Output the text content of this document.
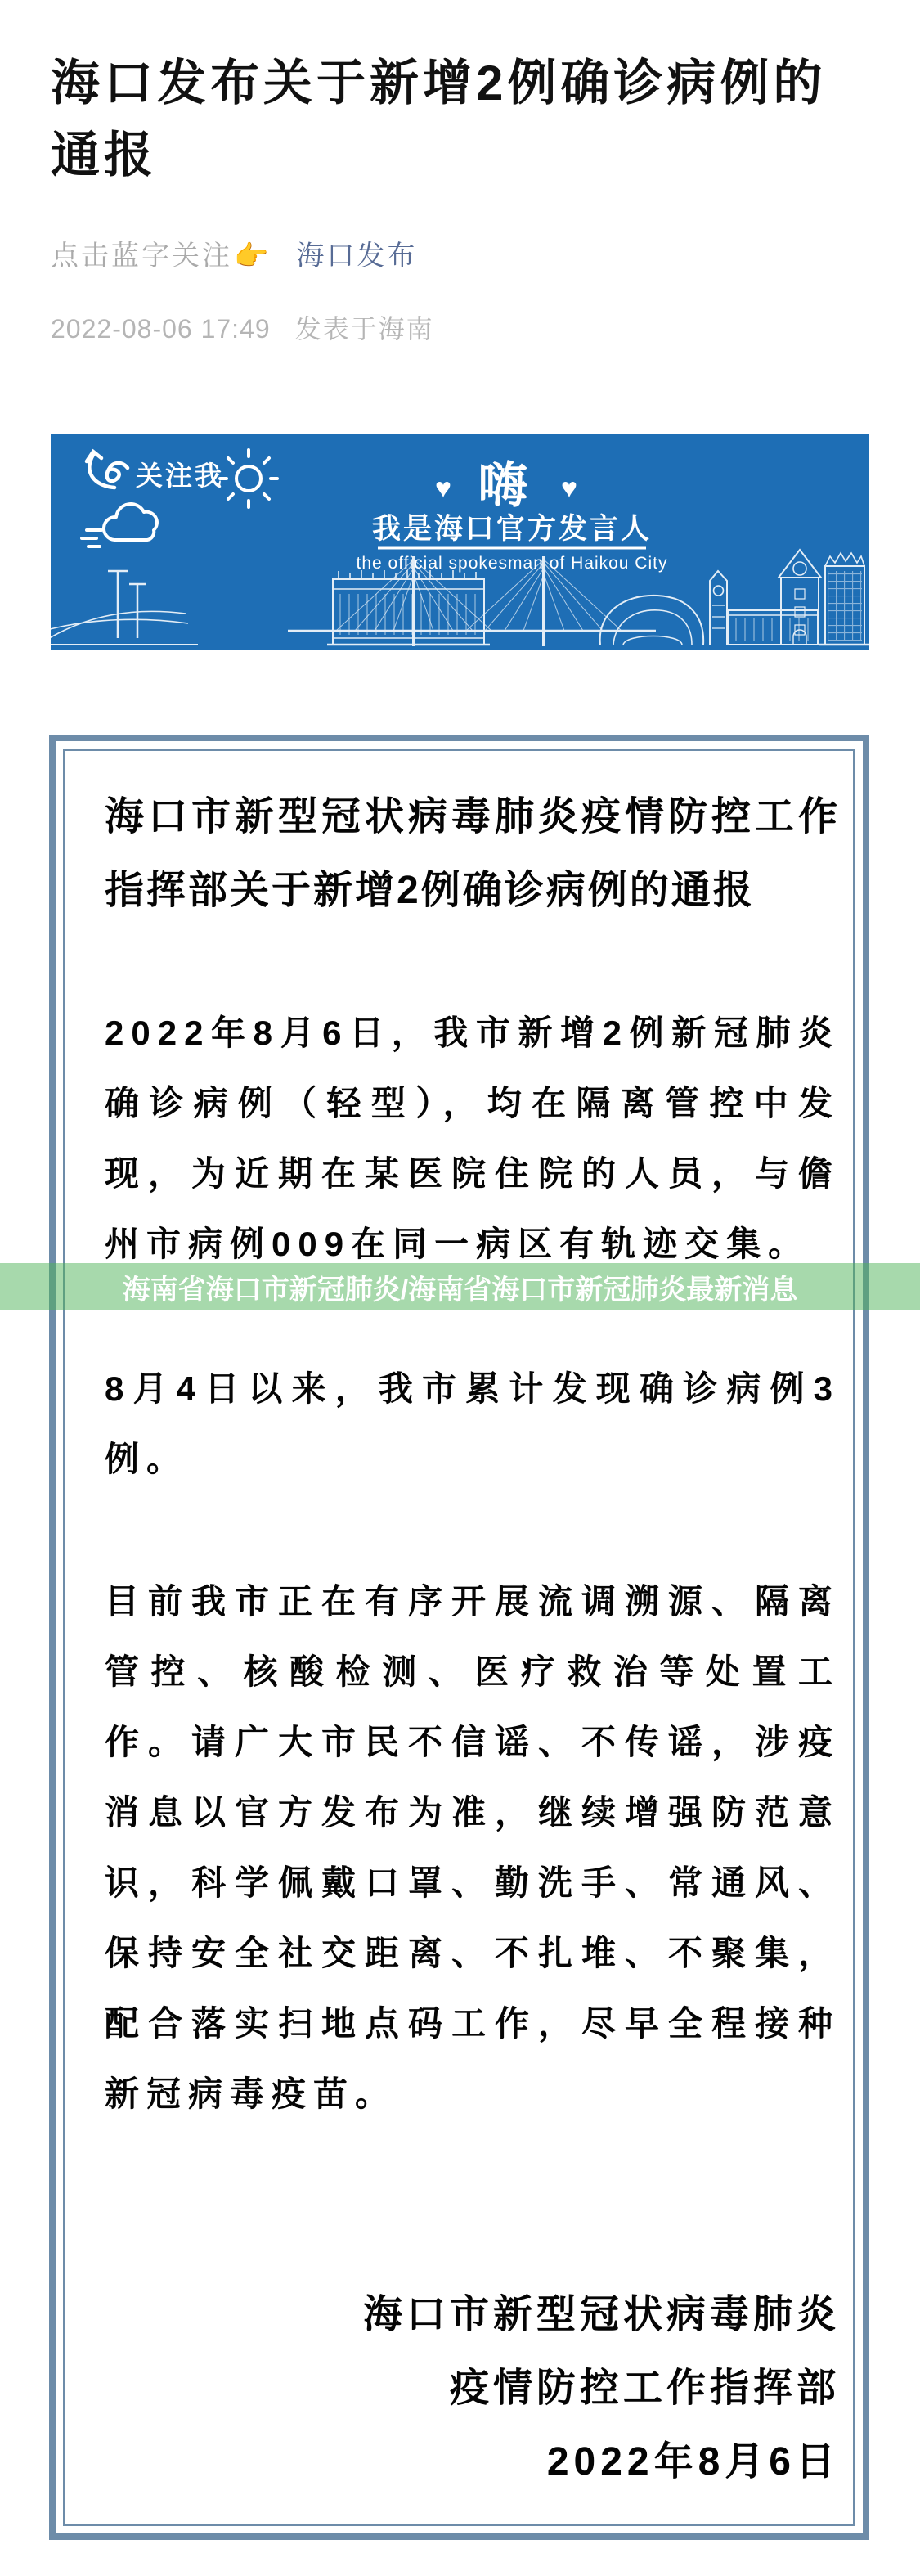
海口发布关于新增2例确诊病例的通报
点击蓝字关注👉 海口发布
2022-08-06 17:49 发表于海南
关注我	♥ 嗨 ♥
我是海口官方发言人
the official spokesman of Haikou City
海口市新型冠状病毒肺炎疫情防控工作指挥部关于新增2例确诊病例的通报

2022年8月6日，我市新增2例新冠肺炎确诊病例（轻型），均在隔离管控中发现，为近期在某医院住院的人员，与儋州市病例009在同一病区有轨迹交集。

8月4日以来，我市累计发现确诊病例3例。

目前我市正在有序开展流调溯源、隔离管控、核酸检测、医疗救治等处置工作。请广大市民不信谣、不传谣，涉疫消息以官方发布为准，继续增强防范意识，科学佩戴口罩、勤洗手、常通风、保持安全社交距离、不扎堆、不聚集，配合落实扫地点码工作，尽早全程接种新冠病毒疫苗。

海口市新型冠状病毒肺炎
疫情防控工作指挥部
2022年8月6日
海南省海口市新冠肺炎/海南省海口市新冠肺炎最新消息
